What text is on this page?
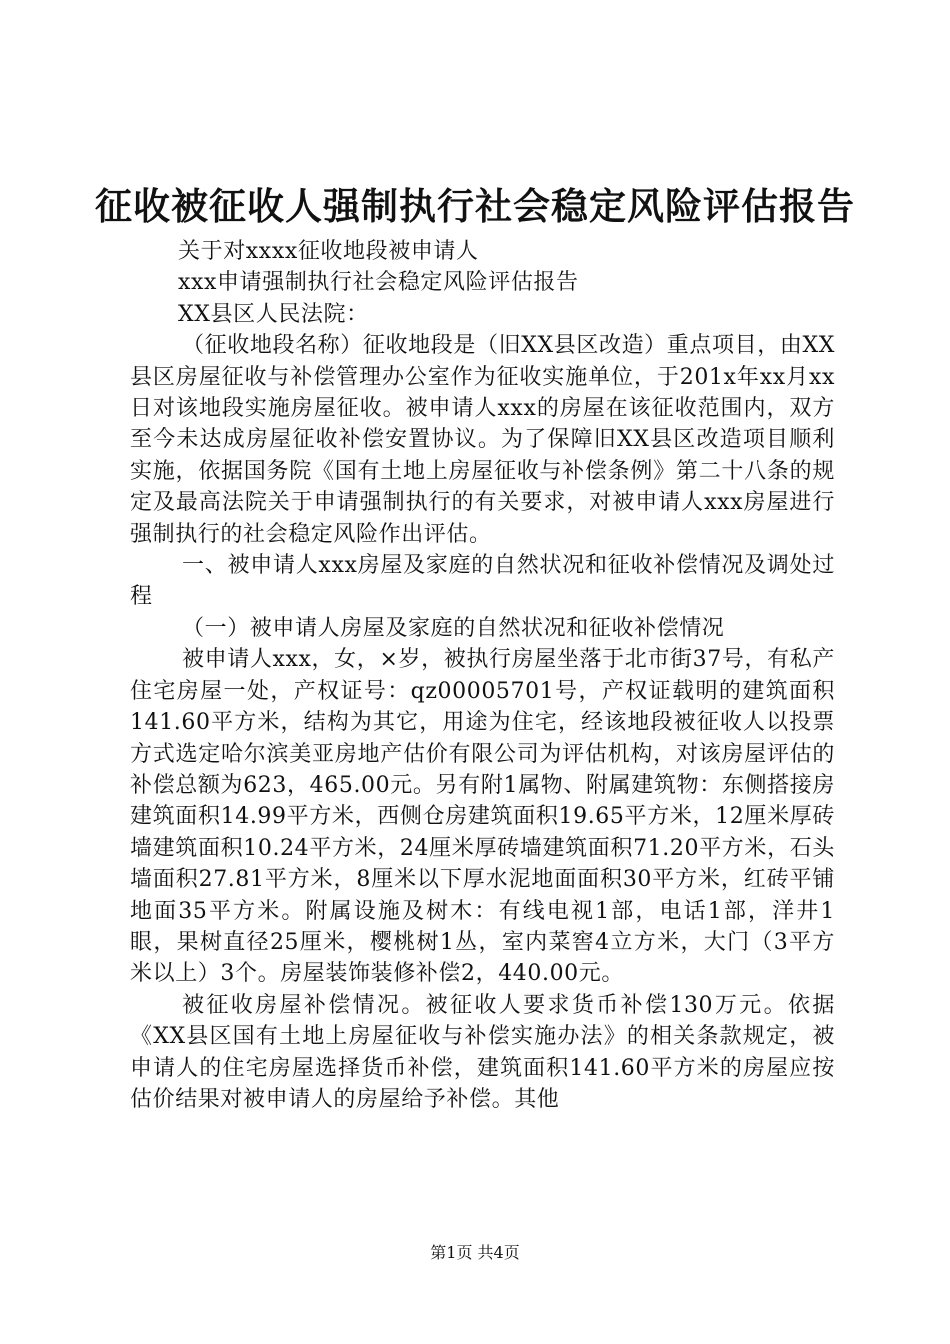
征收被征收人强制执行社会稳定风险评估报告

关于对xxxx征收地段被申请人

xxx申请强制执行社会稳定风险评估报告

XX县区人民法院：

（征收地段名称）征收地段是（旧XX县区改造）重点项目，由XX县区房屋征收与补偿管理办公室作为征收实施单位，于201x年xx月xx日对该地段实施房屋征收。被申请人xxx的房屋在该征收范围内，双方至今未达成房屋征收补偿安置协议。为了保障旧XX县区改造项目顺利实施，依据国务院《国有土地上房屋征收与补偿条例》第二十八条的规定及最高法院关于申请强制执行的有关要求，对被申请人xxx房屋进行强制执行的社会稳定风险作出评估。

一、被申请人xxx房屋及家庭的自然状况和征收补偿情况及调处过程

（一）被申请人房屋及家庭的自然状况和征收补偿情况

被申请人xxx，女，×岁，被执行房屋坐落于北市街37号，有私产住宅房屋一处，产权证号：qz00005701号，产权证载明的建筑面积141.60平方米，结构为其它，用途为住宅，经该地段被征收人以投票方式选定哈尔滨美亚房地产估价有限公司为评估机构，对该房屋评估的补偿总额为623，465.00元。另有附1属物、附属建筑物：东侧搭接房建筑面积14.99平方米，西侧仓房建筑面积19.65平方米，12厘米厚砖墙建筑面积10.24平方米，24厘米厚砖墙建筑面积71.20平方米，石头墙面积27.81平方米，8厘米以下厚水泥地面面积30平方米，红砖平铺地面35平方米。附属设施及树木：有线电视1部，电话1部，洋井1眼，果树直径25厘米，樱桃树1丛，室内菜窖4立方米，大门（3平方米以上）3个。房屋装饰装修补偿2，440.00元。

被征收房屋补偿情况。被征收人要求货币补偿130万元。依据《XX县区国有土地上房屋征收与补偿实施办法》的相关条款规定，被申请人的住宅房屋选择货币补偿，建筑面积141.60平方米的房屋应按估价结果对被申请人的房屋给予补偿。其他

第1页 共4页
